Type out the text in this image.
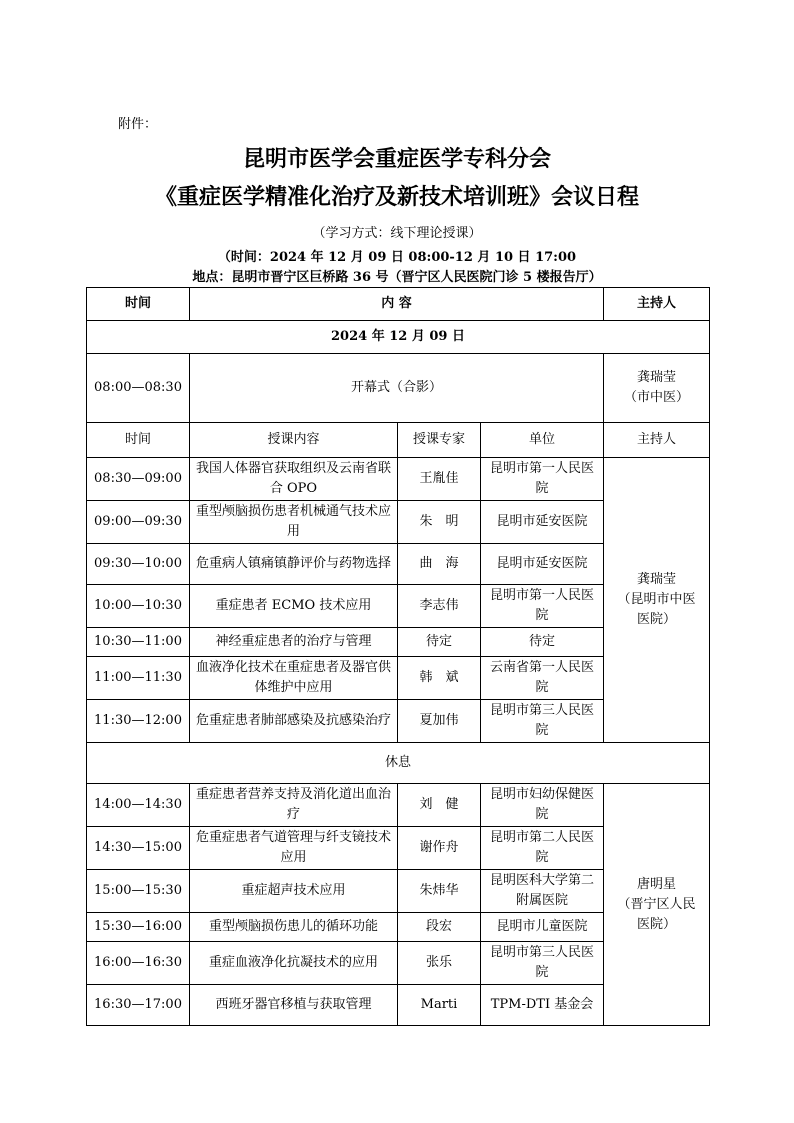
附件：
昆明市医学会重症医学专科分会
《重症医学精准化治疗及新技术培训班》会议日程
（学习方式：线下理论授课）
（时间：2024 年 12 月 09 日 08:00-12 月 10 日 17:00
地点：昆明市晋宁区巨桥路 36 号（晋宁区人民医院门诊 5 楼报告厅）
时间	内 容			主持人
2024 年 12 月 09 日				
08:00—08:30	开幕式（合影）			龚瑞莹
（市中医）
时间	授课内容	授课专家	单位	主持人
08:30—09:00	我国人体器官获取组织及云南省联合 OPO	王胤佳	昆明市第一人民医院	龚瑞莹
（昆明市中医
医院）
09:00—09:30	重型颅脑损伤患者机械通气技术应用	朱　明	昆明市延安医院	
09:30—10:00	危重病人镇痛镇静评价与药物选择	曲　海	昆明市延安医院	
10:00—10:30	重症患者 ECMO 技术应用	李志伟	昆明市第一人民医院	
10:30—11:00	神经重症患者的治疗与管理	待定	待定	
11:00—11:30	血液净化技术在重症患者及器官供体维护中应用	韩　斌	云南省第一人民医院	
11:30—12:00	危重症患者肺部感染及抗感染治疗	夏加伟	昆明市第三人民医院	
休息				
14:00—14:30	重症患者营养支持及消化道出血治疗	刘　健	昆明市妇幼保健医院	唐明星
（晋宁区人民
医院）
14:30—15:00	危重症患者气道管理与纤支镜技术应用	谢作舟	昆明市第二人民医院	
15:00—15:30	重症超声技术应用	朱炜华	昆明医科大学第二附属医院	
15:30—16:00	重型颅脑损伤患儿的循环功能	段宏	昆明市儿童医院	
16:00—16:30	重症血液净化抗凝技术的应用	张乐	昆明市第三人民医院	
16:30—17:00	西班牙器官移植与获取管理	Marti	TPM-DTI 基金会	
